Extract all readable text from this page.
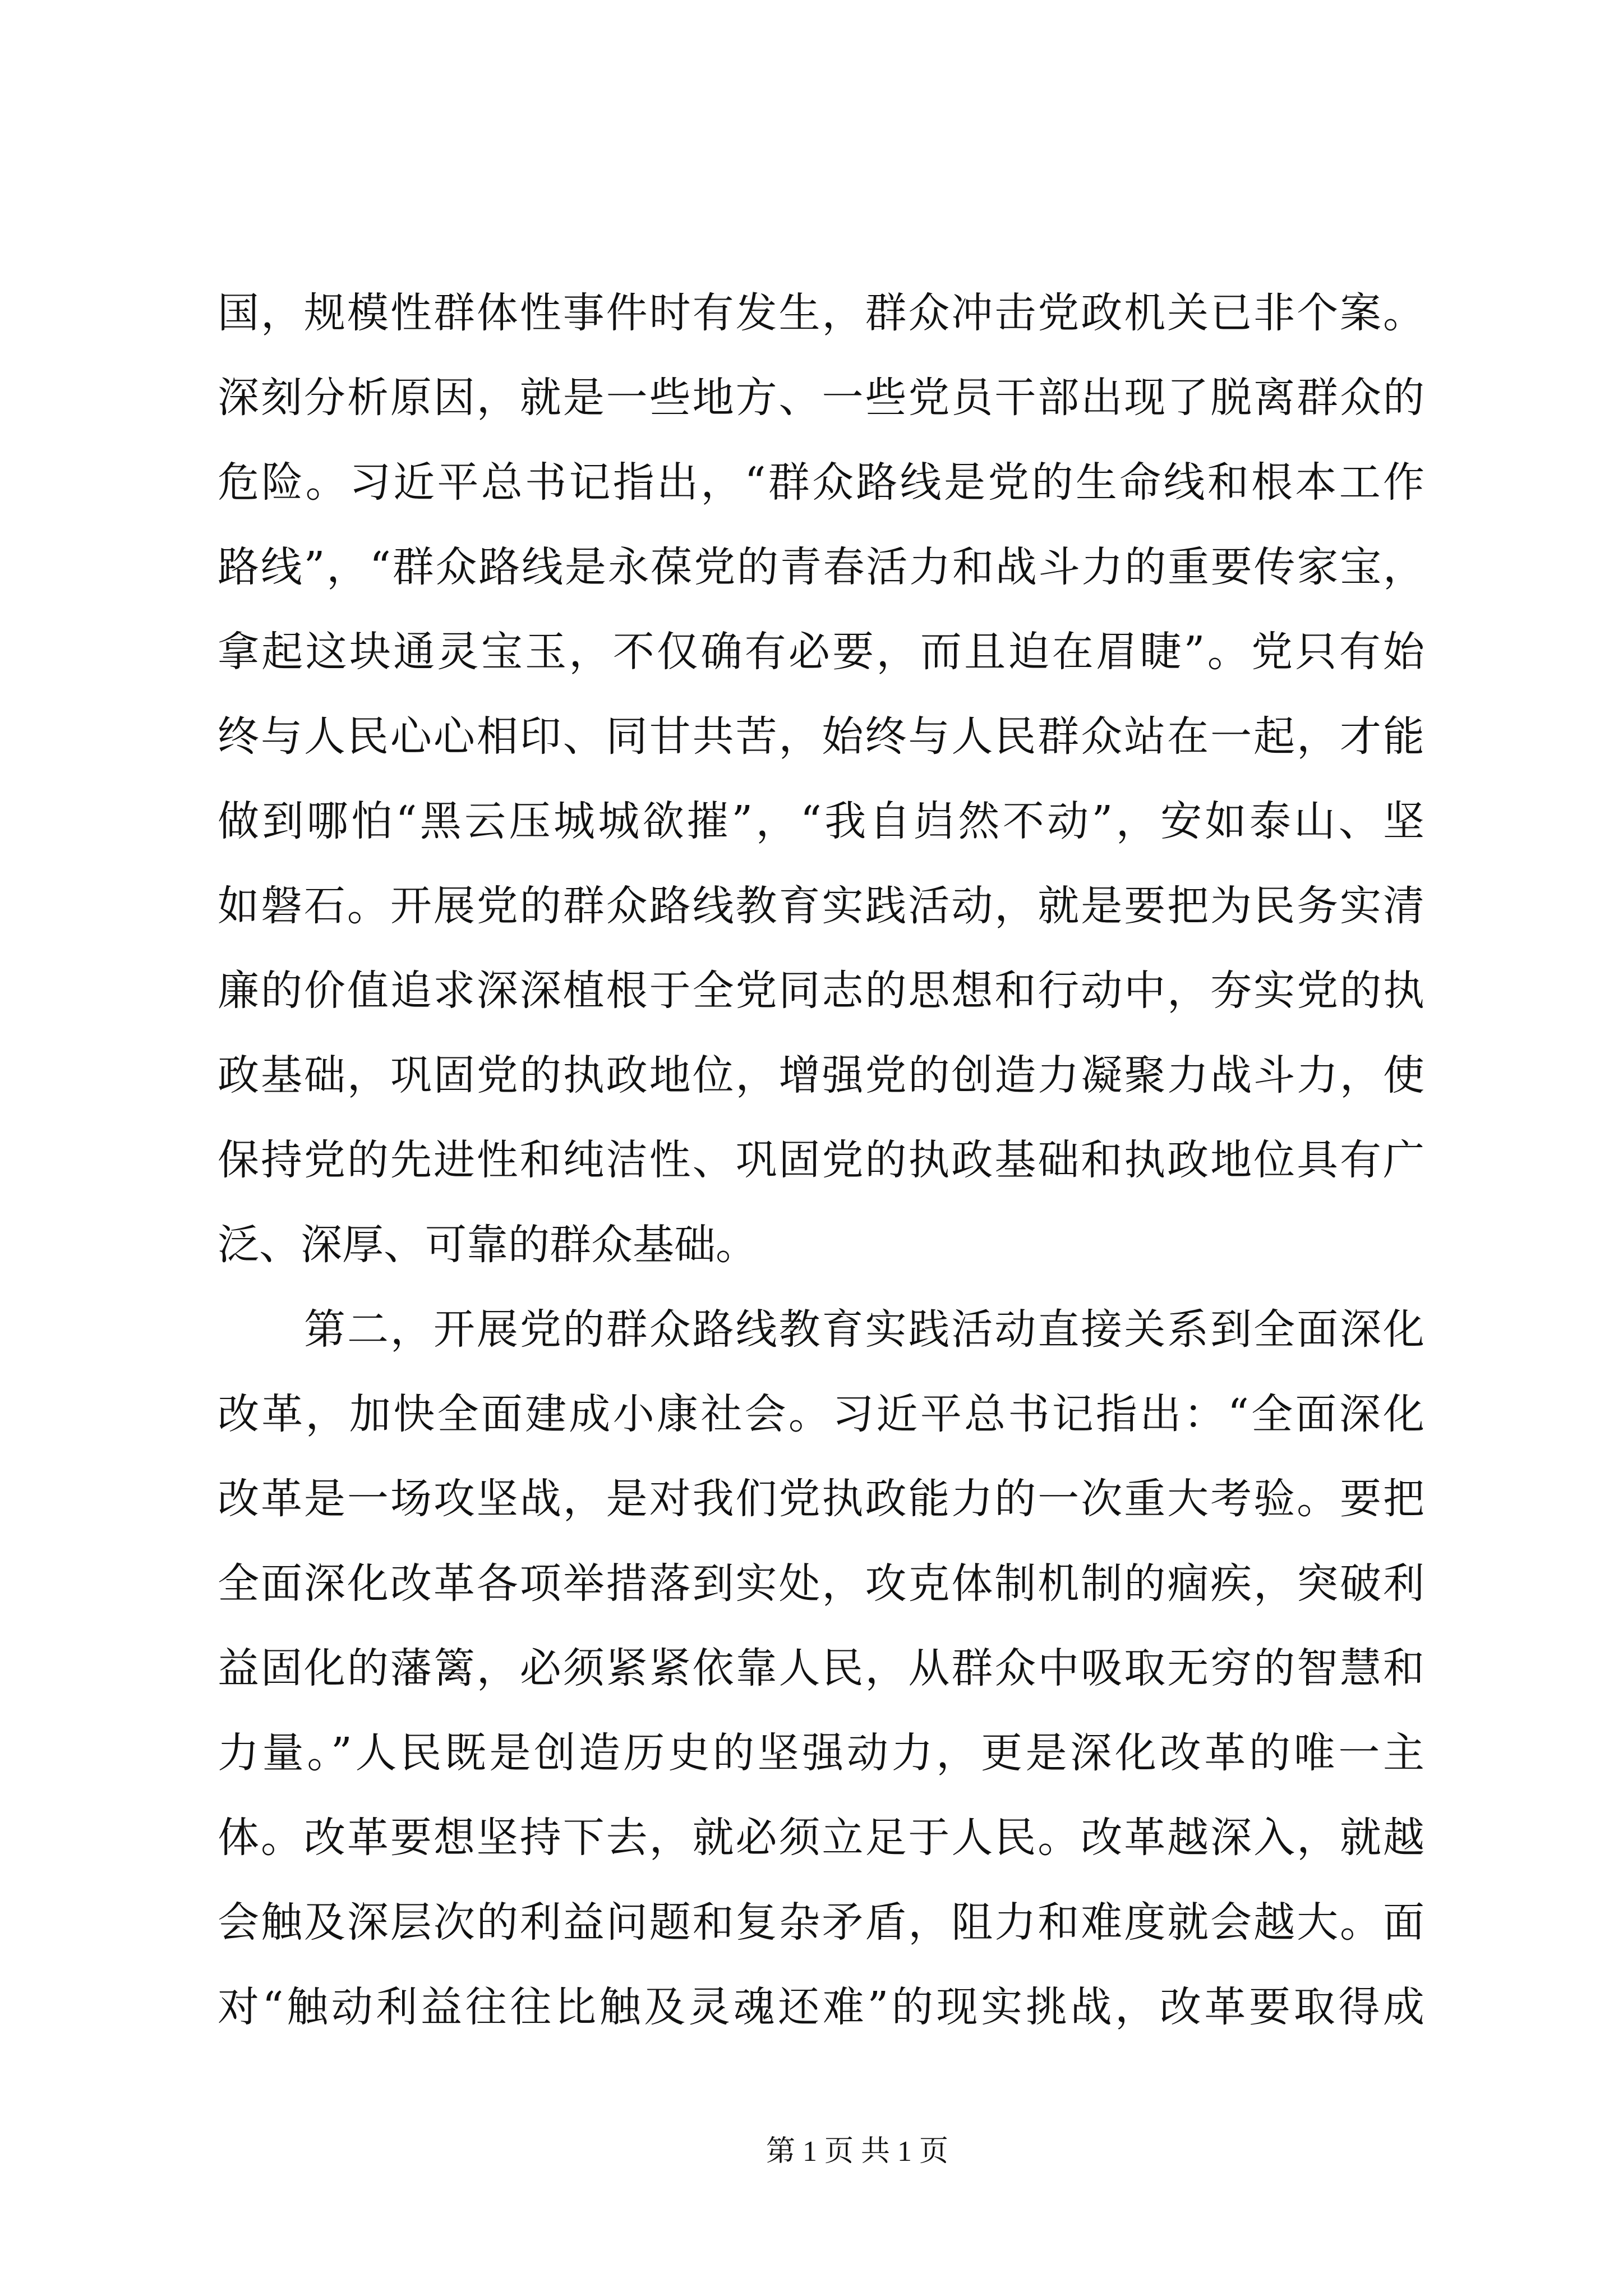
国，规模性群体性事件时有发生，群众冲击党政机关已非个案。
深刻分析原因，就是一些地方、一些党员干部出现了脱离群众的
危险。习近平总书记指出，“群众路线是党的生命线和根本工作
路线”，“群众路线是永葆党的青春活力和战斗力的重要传家宝，
拿起这块通灵宝玉，不仅确有必要，而且迫在眉睫”。党只有始
终与人民心心相印、同甘共苦，始终与人民群众站在一起，才能
做到哪怕“黑云压城城欲摧”，“我自岿然不动”，安如泰山、坚
如磐石。开展党的群众路线教育实践活动，就是要把为民务实清
廉的价值追求深深植根于全党同志的思想和行动中，夯实党的执
政基础，巩固党的执政地位，增强党的创造力凝聚力战斗力，使
保持党的先进性和纯洁性、巩固党的执政基础和执政地位具有广
泛、深厚、可靠的群众基础。
第二，开展党的群众路线教育实践活动直接关系到全面深化
改革，加快全面建成小康社会。习近平总书记指出：“全面深化
改革是一场攻坚战，是对我们党执政能力的一次重大考验。要把
全面深化改革各项举措落到实处，攻克体制机制的痼疾，突破利
益固化的藩篱，必须紧紧依靠人民，从群众中吸取无穷的智慧和
力量。”人民既是创造历史的坚强动力，更是深化改革的唯一主
体。改革要想坚持下去，就必须立足于人民。改革越深入，就越
会触及深层次的利益问题和复杂矛盾，阻力和难度就会越大。面
对“触动利益往往比触及灵魂还难”的现实挑战，改革要取得成
第 1 页 共 1 页
